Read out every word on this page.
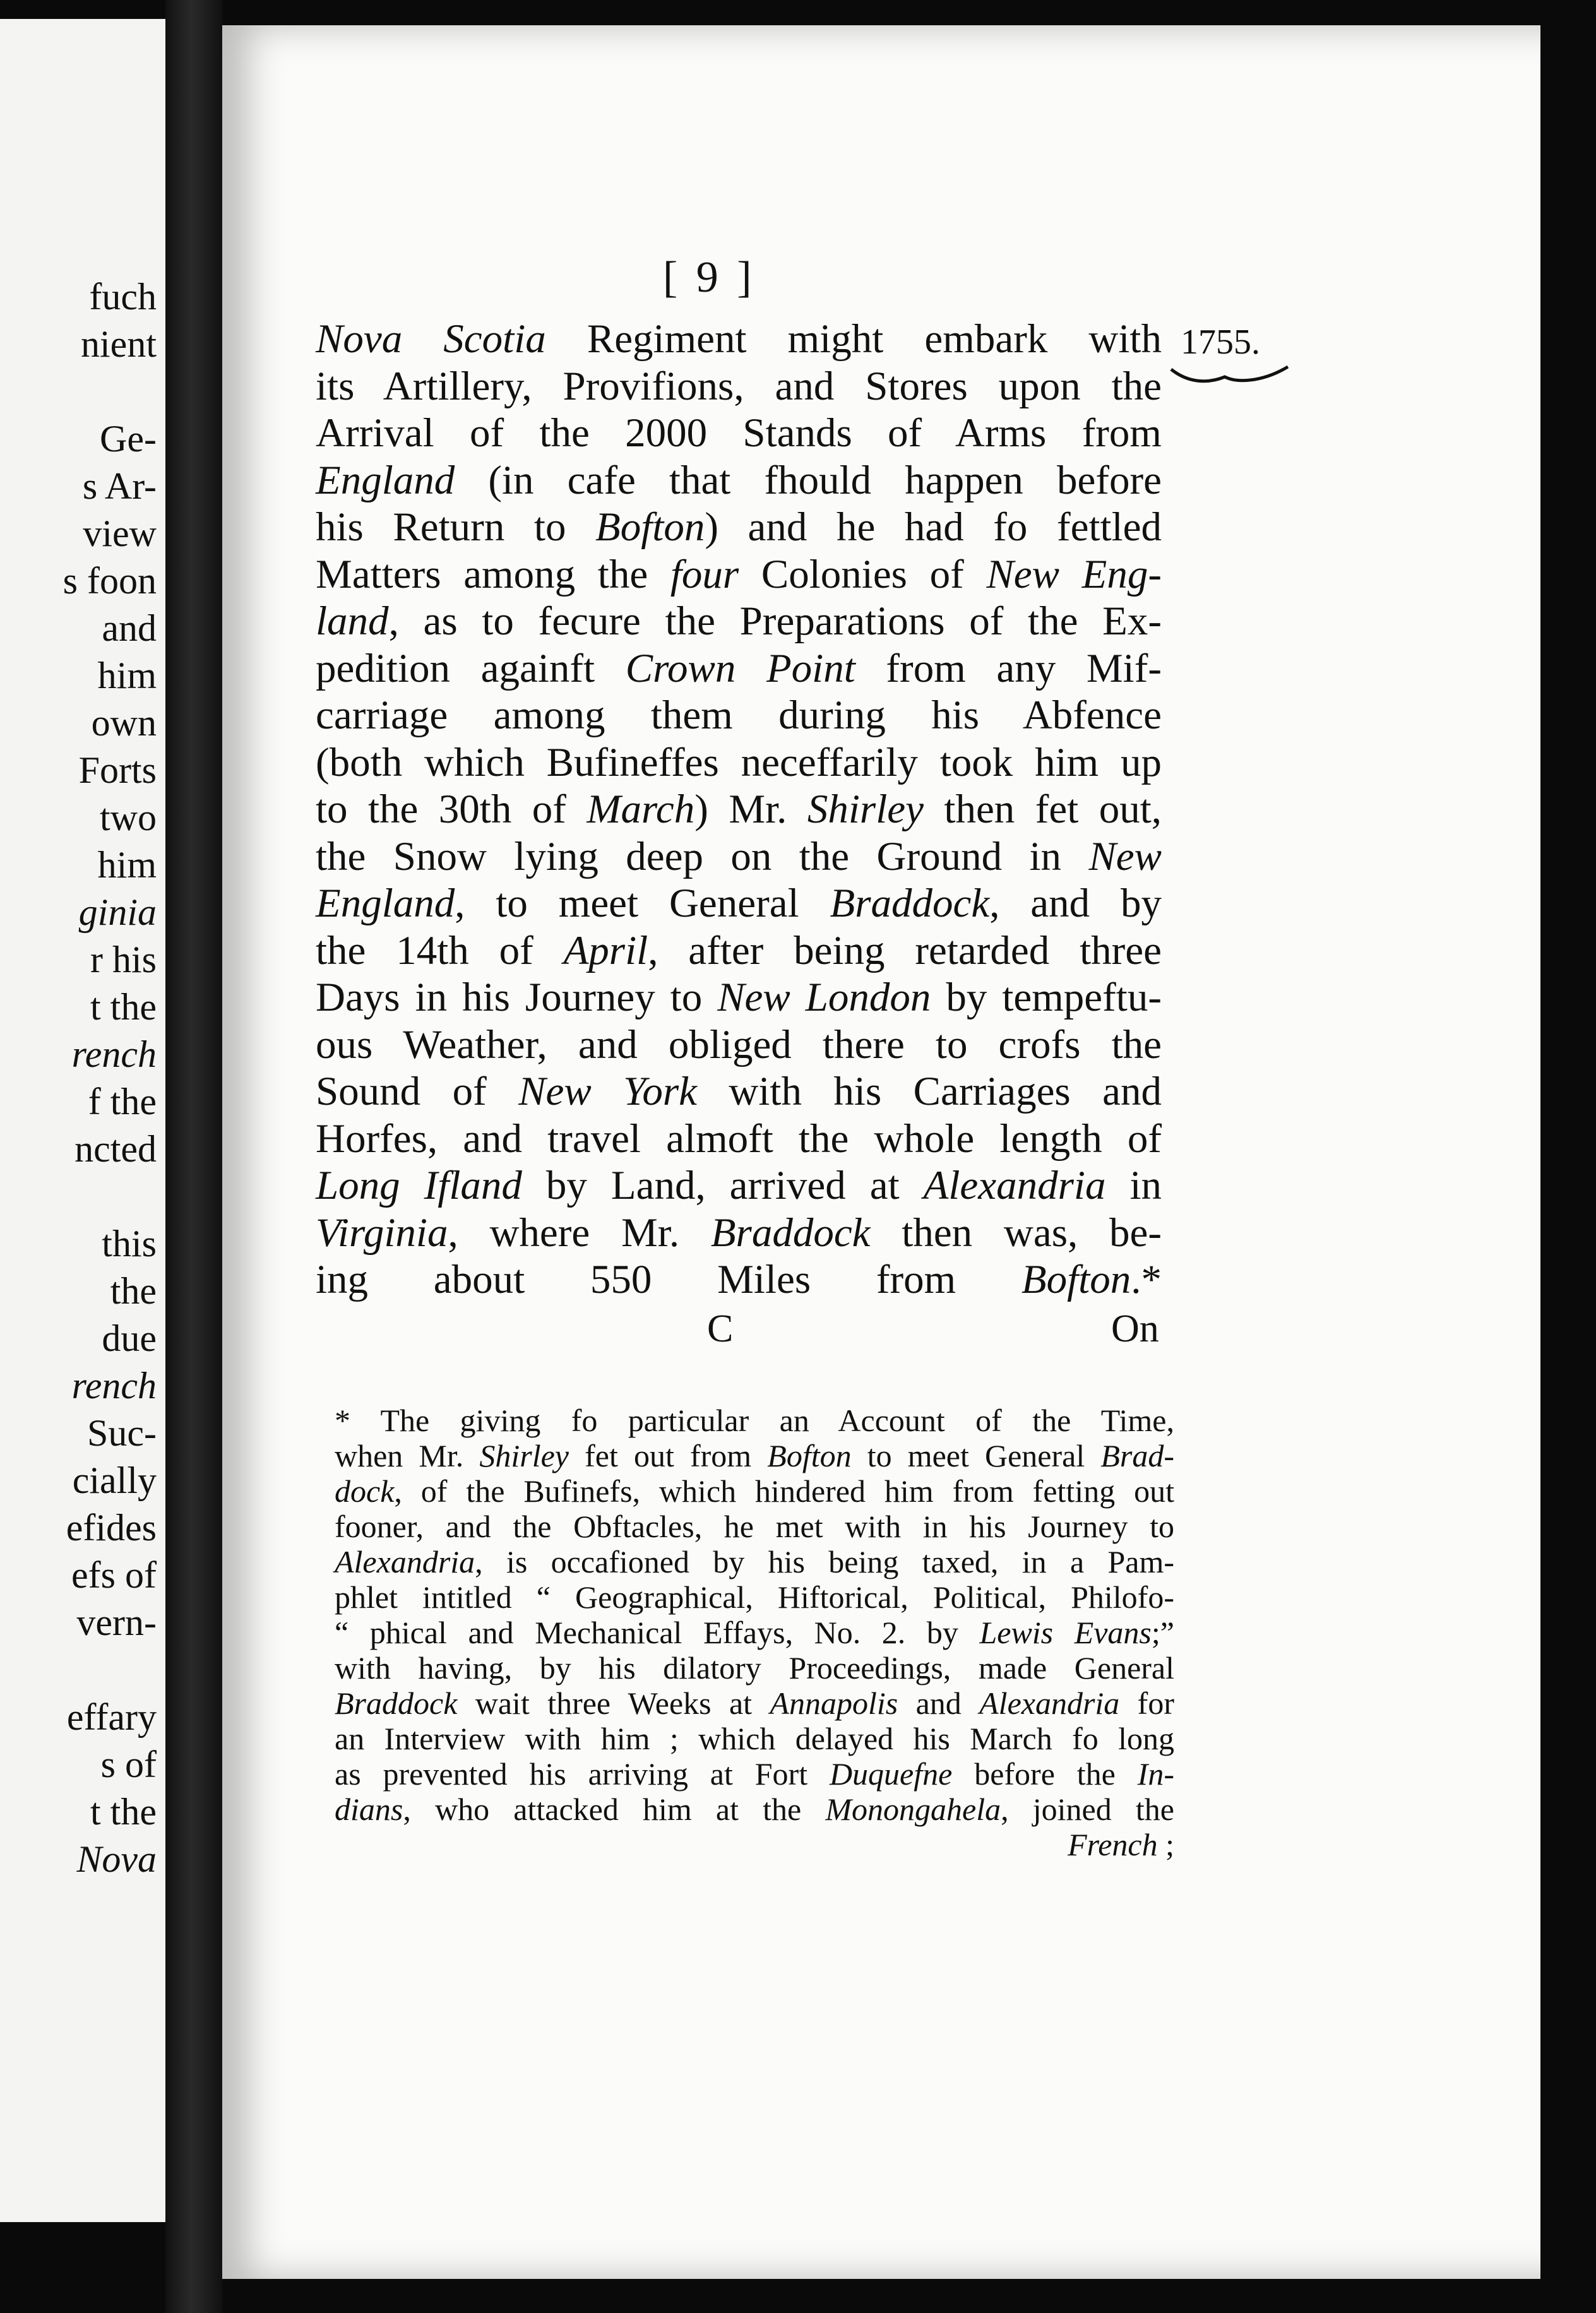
[ 9 ]
1755.
C	On
* The giving fo particular an Account of the Time,
when Mr. Shirley fet out from Bofton to meet General Brad-
dock, of the Bufinefs, which hindered him from fetting out
fooner, and the Obftacles, he met with in his Journey to
Alexandria, is occafioned by his being taxed, in a Pam-
phlet intitled “ Geographical, Hiftorical, Political, Philofo-
“ phical and Mechanical Effays, No. 2. by Lewis Evans;”
with having, by his dilatory Proceedings, made General
Braddock wait three Weeks at Annapolis and Alexandria for
an Interview with him ; which delayed his March fo long
as prevented his arriving at Fort Duquefne before the In-
dians, who attacked him at the Monongahela, joined the
French ;
fuch
nient
Ge-
s Ar-
view
s foon
and
him
own
Forts
two
him
ginia
r his
t the
rench
f the
ncted
this
the
due
rench
Suc-
cially
efides
efs of
vern-
effary
s of
t the
Nova
Nova Scotia Regiment might embark with
its Artillery, Provifions, and Stores upon the
Arrival of the 2000 Stands of Arms from
England (in cafe that fhould happen before
his Return to Bofton) and he had fo fettled
Matters among the four Colonies of New Eng-
land, as to fecure the Preparations of the Ex-
pedition againft Crown Point from any Mif-
carriage among them during his Abfence
(both which Bufineffes neceffarily took him up
to the 30th of March) Mr. Shirley then fet out,
the Snow lying deep on the Ground in New
England, to meet General Braddock, and by
the 14th of April, after being retarded three
Days in his Journey to New London by tempeftu-
ous Weather, and obliged there to crofs the
Sound of New York with his Carriages and
Horfes, and travel almoft the whole length of
Long Ifland by Land, arrived at Alexandria in
Virginia, where Mr. Braddock then was, be-
ing about 550 Miles from Bofton.*
